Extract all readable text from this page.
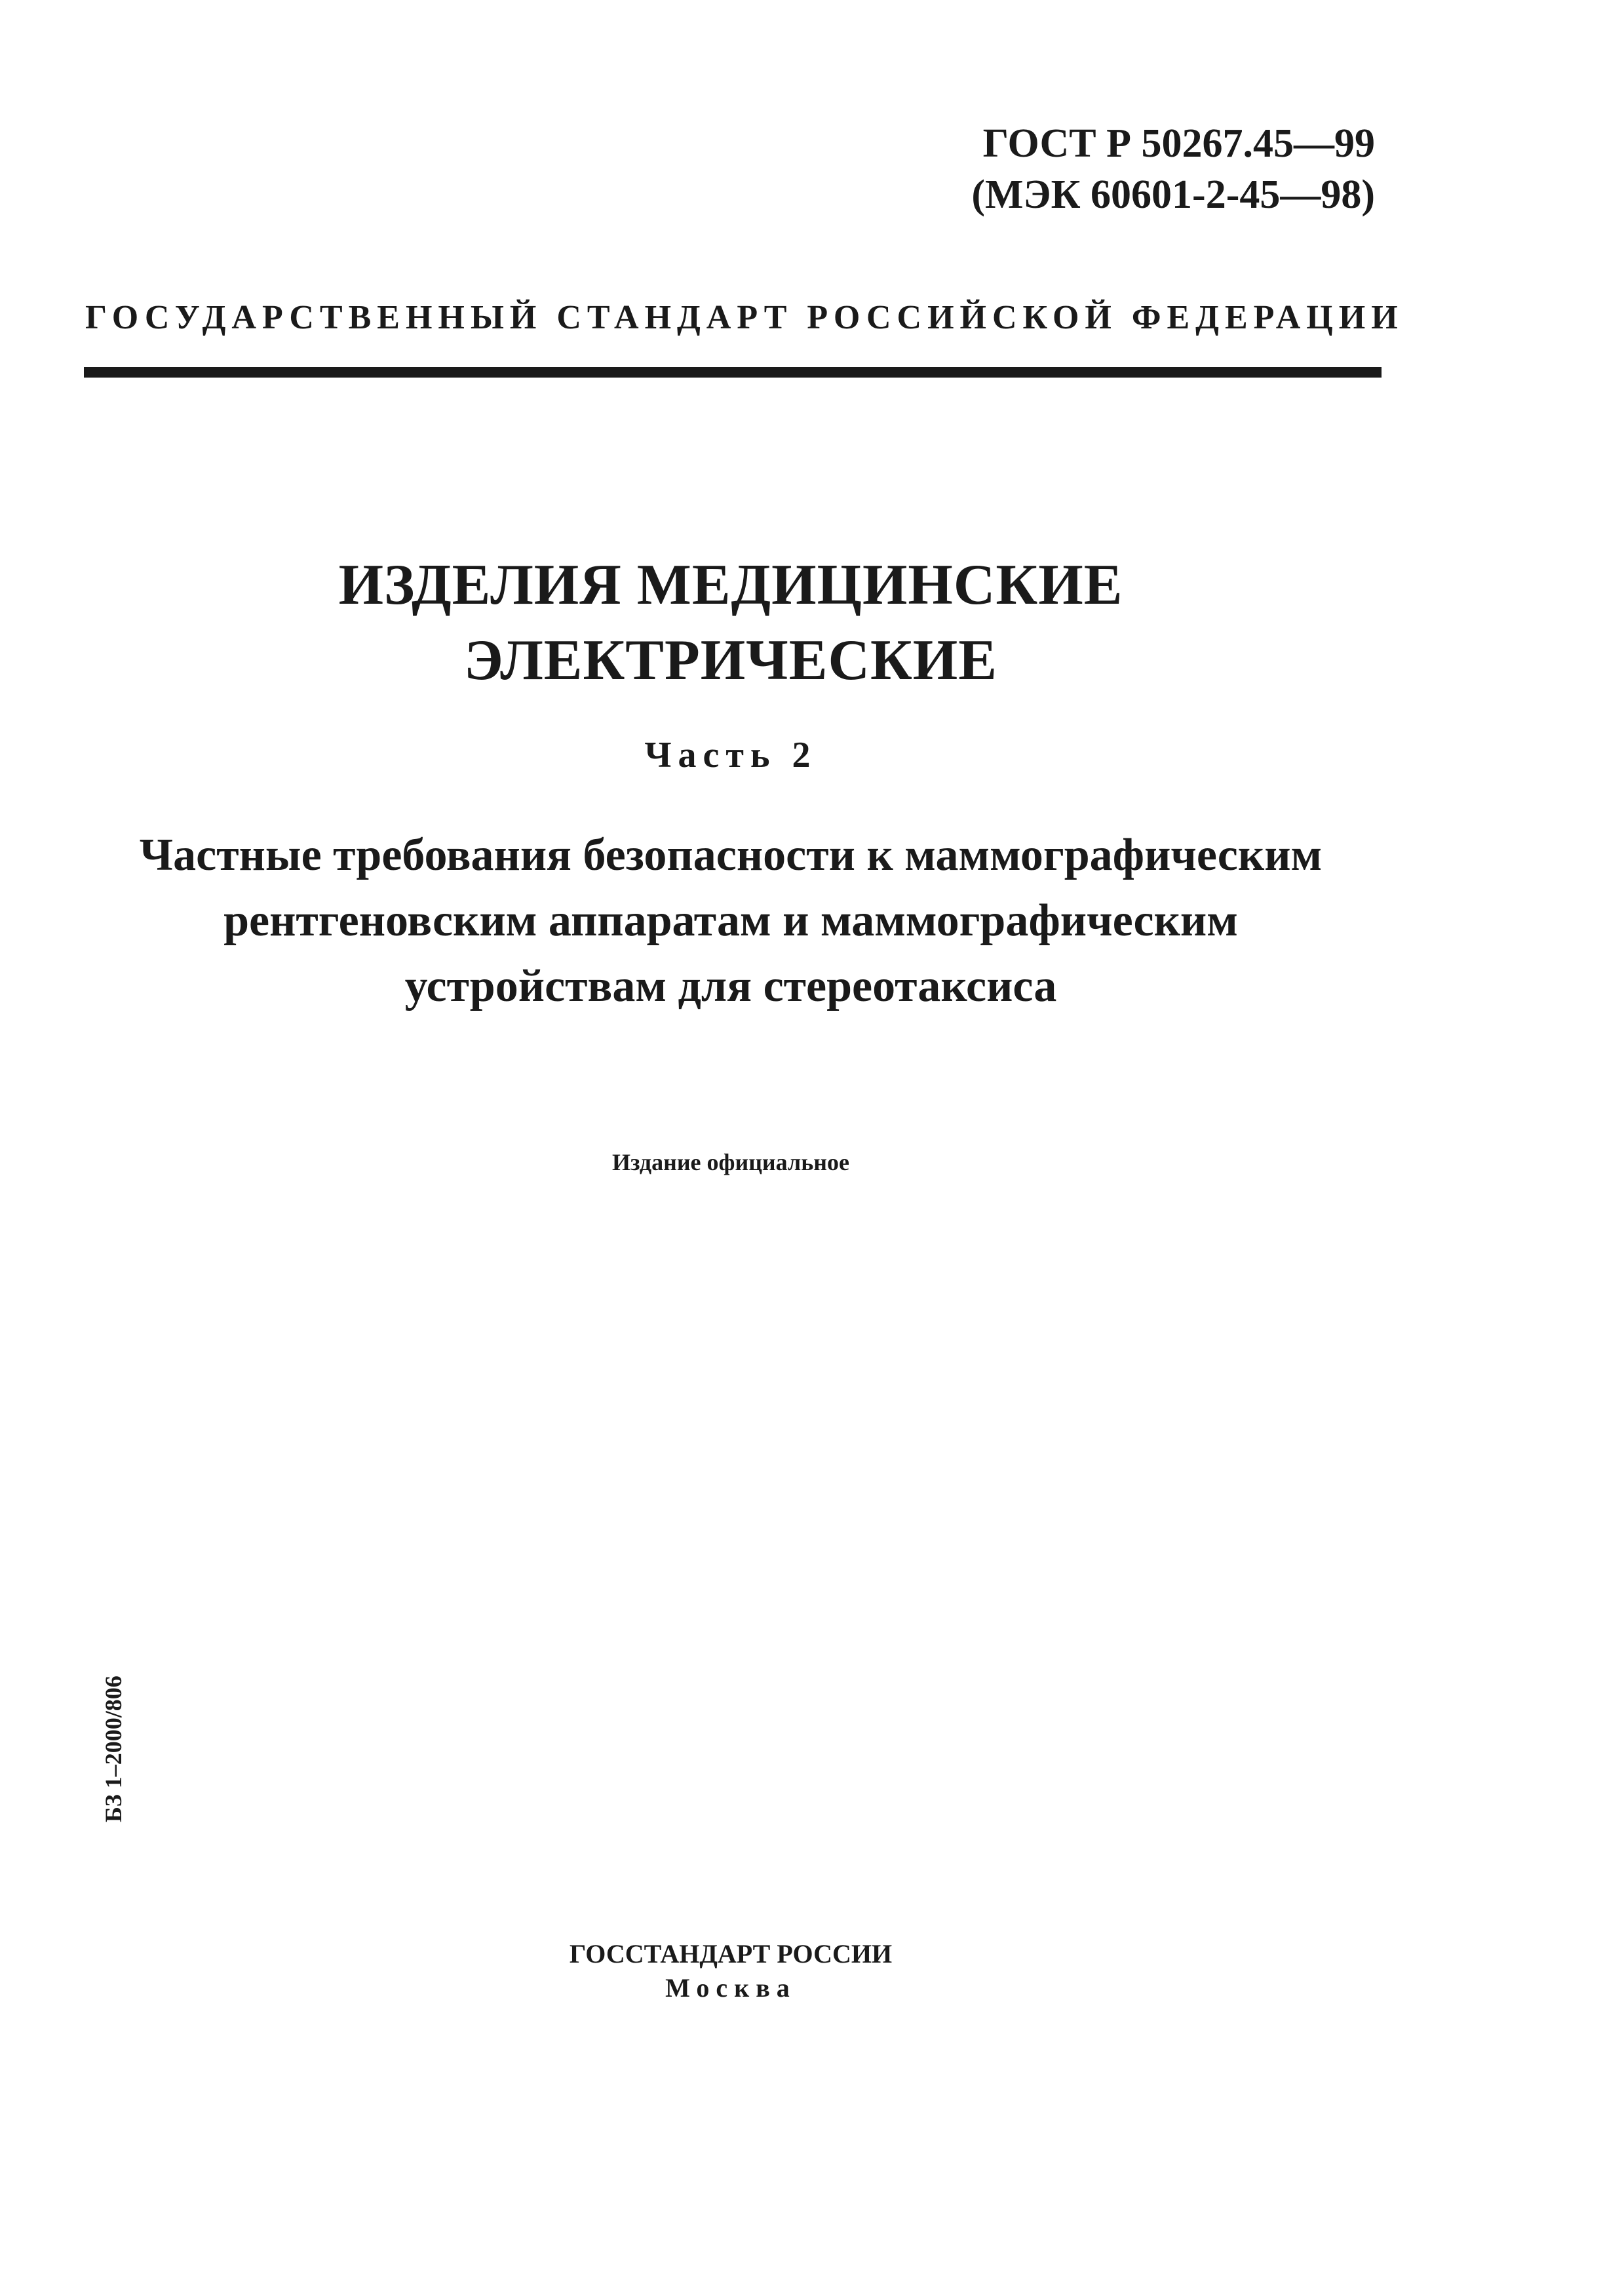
ГОСТ Р 50267.45—99
(МЭК 60601-2-45—98)
ГОСУДАРСТВЕННЫЙ СТАНДАРТ РОССИЙСКОЙ ФЕДЕРАЦИИ
ИЗДЕЛИЯ МЕДИЦИНСКИЕ
ЭЛЕКТРИЧЕСКИЕ
Часть 2
Частные требования безопасности к маммографическим
рентгеновским аппаратам и маммографическим
устройствам для стереотаксиса
Издание официальное
БЗ 1–2000/806
ГОССТАНДАРТ РОССИИ
Москва
